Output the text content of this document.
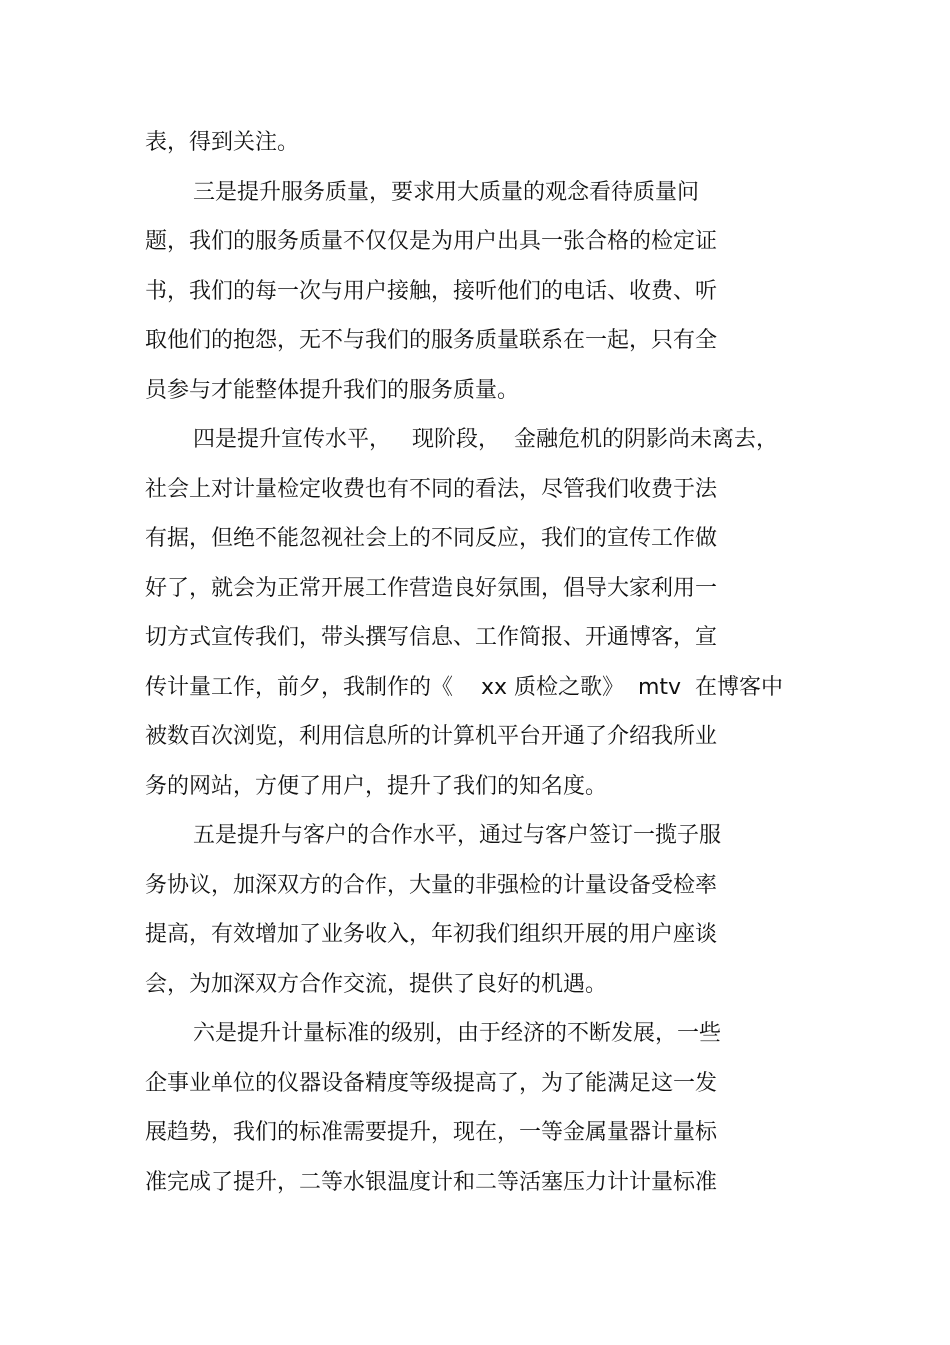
表，得到关注。
三是提升服务质量，要求用大质量的观念看待质量问
题，我们的服务质量不仅仅是为用户出具一张合格的检定证
书，我们的每一次与用户接触，接听他们的电话、收费、听
取他们的抱怨，无不与我们的服务质量联系在一起，只有全
员参与才能整体提升我们的服务质量。
四是提升宣传水平，   现阶段，  金融危机的阴影尚未离去，
社会上对计量检定收费也有不同的看法，尽管我们收费于法
有据，但绝不能忽视社会上的不同反应，我们的宣传工作做
好了，就会为正常开展工作营造良好氛围，倡导大家利用一
切方式宣传我们，带头撰写信息、工作简报、开通博客，宣
传计量工作，前夕，我制作的《    xx 质检之歌》  mtv  在博客中
被数百次浏览，利用信息所的计算机平台开通了介绍我所业
务的网站，方便了用户，提升了我们的知名度。
五是提升与客户的合作水平，通过与客户签订一揽子服
务协议，加深双方的合作，大量的非强检的计量设备受检率
提高，有效增加了业务收入，年初我们组织开展的用户座谈
会，为加深双方合作交流，提供了良好的机遇。
六是提升计量标准的级别，由于经济的不断发展，一些
企事业单位的仪器设备精度等级提高了，为了能满足这一发
展趋势，我们的标准需要提升，现在，一等金属量器计量标
准完成了提升，二等水银温度计和二等活塞压力计计量标准
